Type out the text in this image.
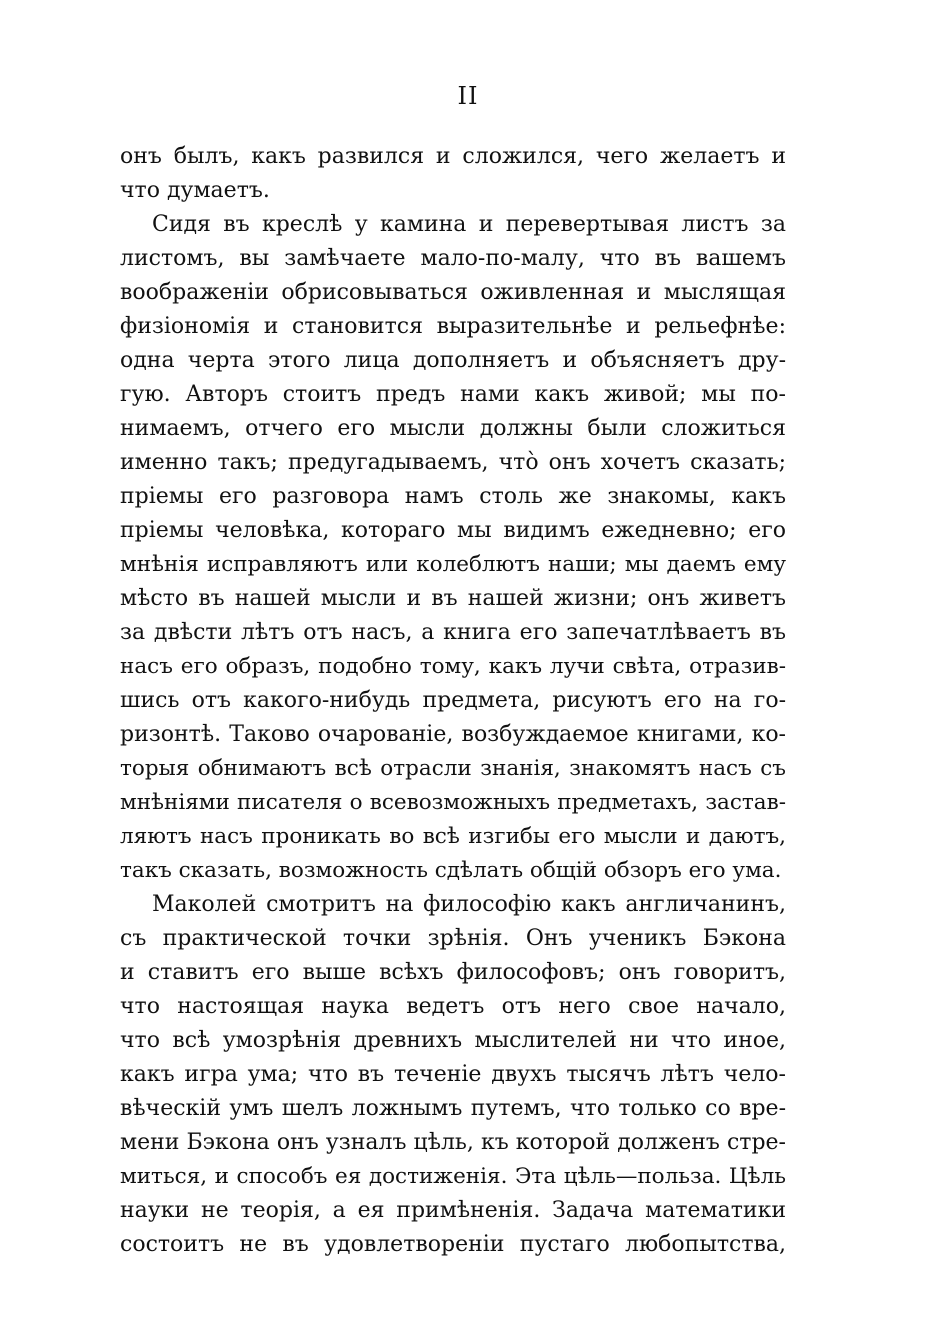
II
онъ былъ, какъ развился и сложился, чего желаетъ и
что думаетъ.
Сидя въ креслѣ у камина и перевертывая листъ за
листомъ, вы замѣчаете мало-по-малу, что въ вашемъ
воображеніи обрисовываться оживленная и мыслящая
физіономія и становится выразительнѣе и рельефнѣе:
одна черта этого лица дополняетъ и объясняетъ дру-
гую. Авторъ стоитъ предъ нами какъ живой; мы по-
нимаемъ, отчего его мысли должны были сложиться
именно такъ; предугадываемъ, что̀ онъ хочетъ сказать;
пріемы его разговора намъ столь же знакомы, какъ
пріемы человѣка, котораго мы видимъ ежедневно; его
мнѣнія исправляютъ или колеблютъ наши; мы даемъ ему
мѣсто въ нашей мысли и въ нашей жизни; онъ живетъ
за двѣсти лѣтъ отъ насъ, а книга его запечатлѣваетъ въ
насъ его образъ, подобно тому, какъ лучи свѣта, отразив-
шись отъ какого-нибудь предмета, рисуютъ его на го-
ризонтѣ. Таково очарованіе, возбуждаемое книгами, ко-
торыя обнимаютъ всѣ отрасли знанія, знакомятъ насъ съ
мнѣніями писателя о всевозможныхъ предметахъ, застав-
ляютъ насъ проникать во всѣ изгибы его мысли и даютъ,
такъ сказать, возможность сдѣлать общій обзоръ его ума.
Маколей смотритъ на философію какъ англичанинъ,
съ практической точки зрѣнія. Онъ ученикъ Бэкона
и ставитъ его выше всѣхъ философовъ; онъ говоритъ,
что настоящая наука ведетъ отъ него свое начало,
что всѣ умозрѣнія древнихъ мыслителей ни что иное,
какъ игра ума; что въ теченіе двухъ тысячъ лѣтъ чело-
вѣческій умъ шелъ ложнымъ путемъ, что только со вре-
мени Бэкона онъ узналъ цѣль, къ которой долженъ стре-
миться, и способъ ея достиженія. Эта цѣль—польза. Цѣль
науки не теорія, а ея примѣненія. Задача математики
состоитъ не въ удовлетвореніи пустаго любопытства,
